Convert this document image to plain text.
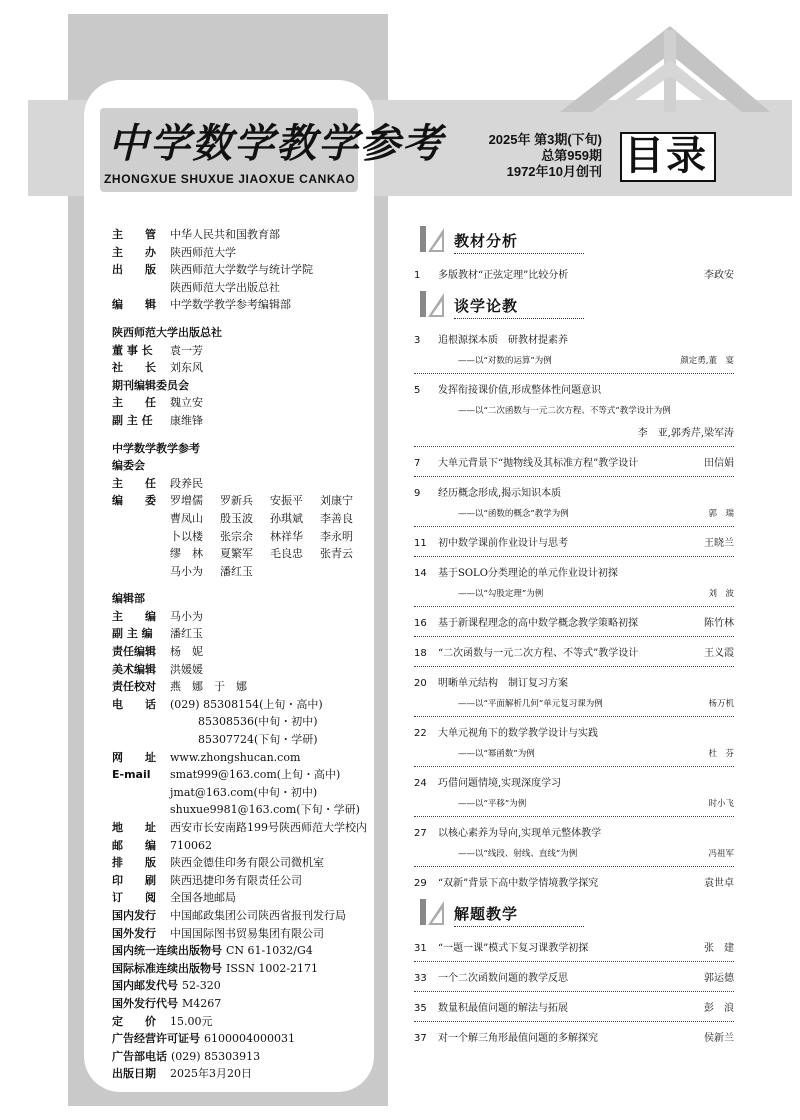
中学数学教学参考
ZHONGXUE SHUXUE JIAOXUE CANKAO
2025年 第3期(下旬)
总第959期
1972年10月创刊 目录
主　　管	中华人民共和国教育部
主　　办	陕西师范大学
出　　版	陕西师范大学数学与统计学院
陕西师范大学出版总社
编　　辑	中学数学教学参考编辑部
陕西师范大学出版总社
董 事 长	袁一芳
社　　长	刘东风
期刊编辑委员会
主　　任	魏立安
副 主 任	康维锋
中学数学教学参考
编委会
主　　任	段养民
编　　委	罗增儒	罗新兵	安振平	刘康宁
曹凤山	殷玉波	孙琪斌	李善良
卜以楼	张宗余	林祥华	李永明
缪　林	夏繁军	毛良忠	张青云
马小为	潘红玉
编辑部
主　　编	马小为
副 主 编	潘红玉
责任编辑	杨　妮
美术编辑	洪媛媛
责任校对	燕　娜　于　娜
电　　话	(029) 85308154(上旬・高中)
85308536(中旬・初中)
85307724(下旬・学研)
网　　址	www.zhongshucan.com
E-mail	smat999@163.com(上旬・高中)
jmat@163.com(中旬・初中)
shuxue9981@163.com(下旬・学研)
地　　址	西安市长安南路199号陕西师范大学校内
邮　　编	710062
排　　版	陕西金德佳印务有限公司微机室
印　　刷	陕西迅捷印务有限责任公司
订　　阅	全国各地邮局
国内发行	中国邮政集团公司陕西省报刊发行局
国外发行	中国国际图书贸易集团有限公司
国内统一连续出版物号 CN 61-1032/G4
国际标准连续出版物号 ISSN 1002-2171
国内邮发代号 52-320
国外发行代号 M4267
定　　价	15.00元
广告经营许可证号 6100004000031
广告部电话 (029) 85303913
出版日期	2025年3月20日
教材分析
1	多版教材“正弦定理”比较分析	李政安
谈学论教
3	追根源探本质　研教材提素养
——以“对数的运算”为例	颜定勇,董　宴
5	发挥衔接课价值,形成整体性问题意识
——以“二次函数与一元二次方程、不等式”教学设计为例
李　亚,郭秀芹,梁军涛
7	大单元背景下“抛物线及其标准方程”教学设计	田信娟
9	经历概念形成,揭示知识本质
——以“函数的概念”教学为例	郭　瑞
11	初中数学课前作业设计与思考	王晓兰
14	基于SOLO分类理论的单元作业设计初探
——以“勾股定理”为例	刘　波
16	基于新课程理念的高中数学概念教学策略初探	陈竹林
18	“二次函数与一元二次方程、不等式”教学设计	王义霞
20	明晰单元结构　制订复习方案
——以“平面解析几何”单元复习课为例	杨万机
22	大单元视角下的数学教学设计与实践
——以“幂函数”为例	杜　芬
24	巧借问题情境,实现深度学习
——以“平移”为例	时小飞
27	以核心素养为导向,实现单元整体教学
——以“线段、射线、直线”为例	冯祖军
29	“双新”背景下高中数学情境教学探究	袁世卓
解题教学
31	“一题一课”模式下复习课教学初探	张　建
33	一个二次函数问题的教学反思	郭运德
35	数量积最值问题的解法与拓展	彭　浪
37	对一个解三角形最值问题的多解探究	侯新兰
